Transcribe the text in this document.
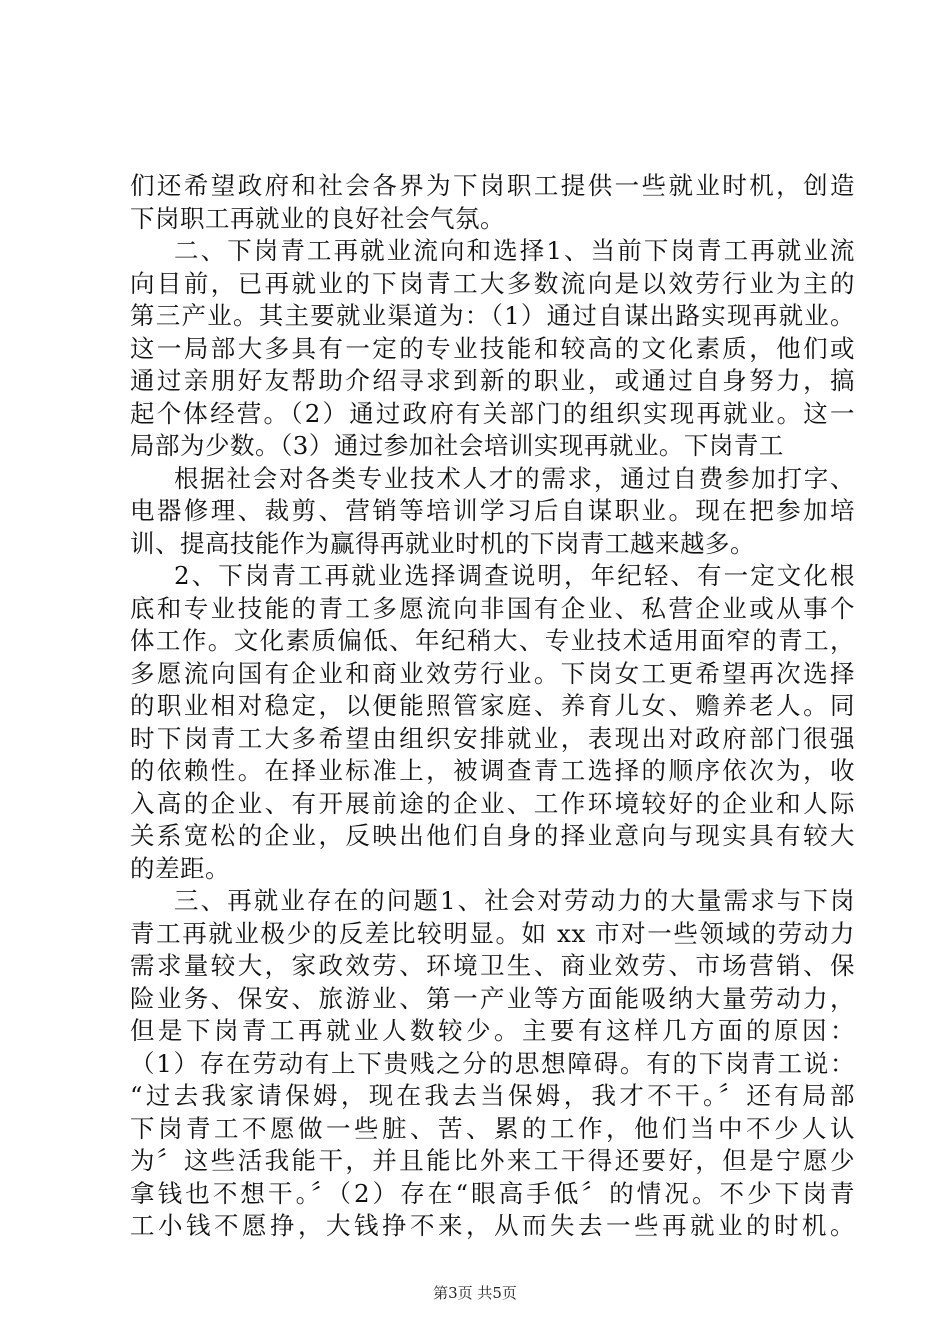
们还希望政府和社会各界为下岗职工提供一些就业时机，创造
下岗职工再就业的良好社会气氛。
二、下岗青工再就业流向和选择1、当前下岗青工再就业流
向目前，已再就业的下岗青工大多数流向是以效劳行业为主的
第三产业。其主要就业渠道为：（1）通过自谋出路实现再就业。
这一局部大多具有一定的专业技能和较高的文化素质，他们或
通过亲朋好友帮助介绍寻求到新的职业，或通过自身努力，搞
起个体经营。（2）通过政府有关部门的组织实现再就业。这一
局部为少数。（3）通过参加社会培训实现再就业。下岗青工
根据社会对各类专业技术人才的需求，通过自费参加打字、
电器修理、裁剪、营销等培训学习后自谋职业。现在把参加培
训、提高技能作为赢得再就业时机的下岗青工越来越多。
2、下岗青工再就业选择调查说明，年纪轻、有一定文化根
底和专业技能的青工多愿流向非国有企业、私营企业或从事个
体工作。文化素质偏低、年纪稍大、专业技术适用面窄的青工，
多愿流向国有企业和商业效劳行业。下岗女工更希望再次选择
的职业相对稳定，以便能照管家庭、养育儿女、赡养老人。同
时下岗青工大多希望由组织安排就业，表现出对政府部门很强
的依赖性。在择业标准上，被调查青工选择的顺序依次为，收
入高的企业、有开展前途的企业、工作环境较好的企业和人际
关系宽松的企业，反映出他们自身的择业意向与现实具有较大
的差距。
三、再就业存在的问题1、社会对劳动力的大量需求与下岗
青工再就业极少的反差比较明显。如 xx 市对一些领域的劳动力
需求量较大，家政效劳、环境卫生、商业效劳、市场营销、保
险业务、保安、旅游业、第一产业等方面能吸纳大量劳动力，
但是下岗青工再就业人数较少。主要有这样几方面的原因：
（1）存在劳动有上下贵贱之分的思想障碍。有的下岗青工说：
“过去我家请保姆，现在我去当保姆，我才不干。〞还有局部
下岗青工不愿做一些脏、苦、累的工作，他们当中不少人认
为〞这些活我能干，并且能比外来工干得还要好，但是宁愿少
拿钱也不想干。〞（2）存在“眼高手低〞的情况。不少下岗青
工小钱不愿挣，大钱挣不来，从而失去一些再就业的时机。
第3页 共5页
